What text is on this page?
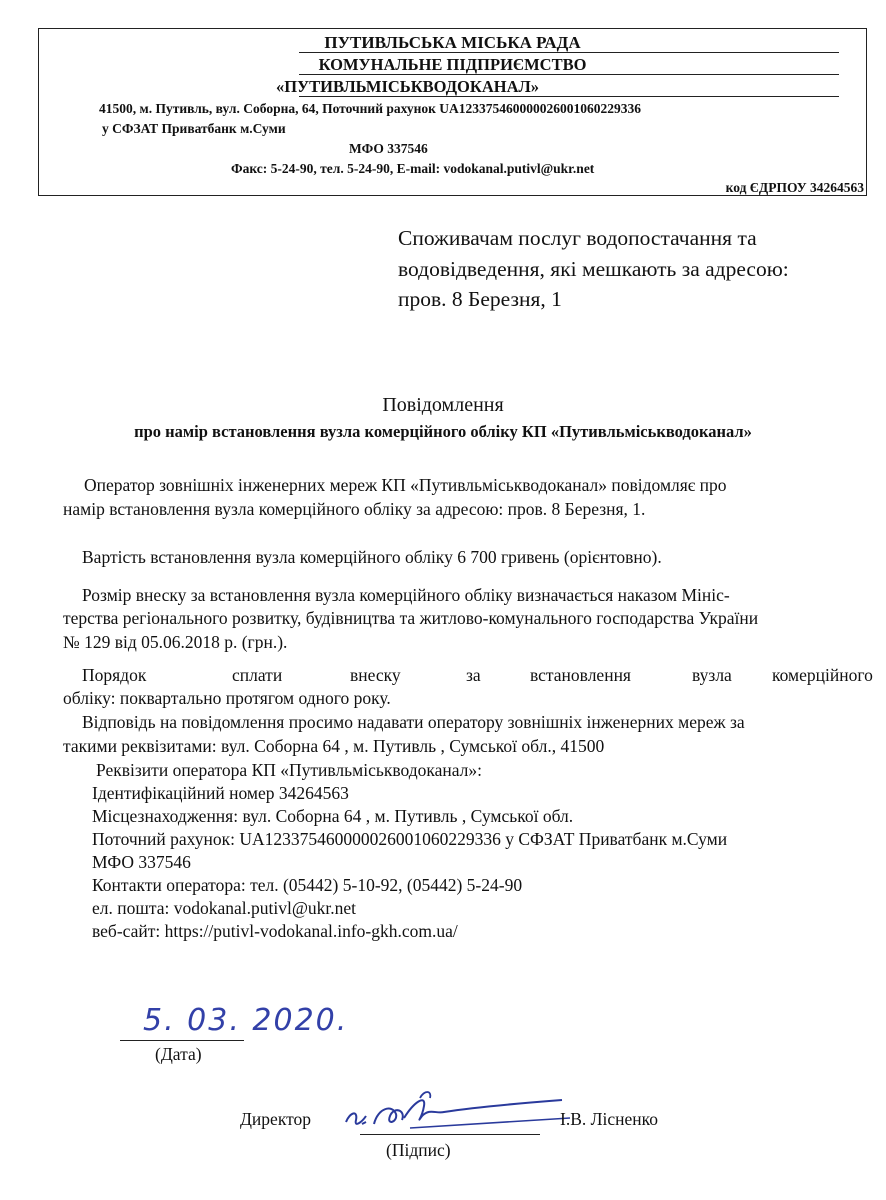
ПУТИВЛЬСЬКА МІСЬКА РАДА
КОМУНАЛЬНЕ ПІДПРИЄМСТВО
«ПУТИВЛЬМІСЬКВОДОКАНАЛ»
41500, м. Путивль, вул. Соборна, 64, Поточний рахунок UA123375460000026001060229336
у СФЗАТ Приватбанк м.Суми
МФО 337546
Факс: 5-24-90, тел. 5-24-90, E-mail: vodokanal.putivl@ukr.net
код ЄДРПОУ 34264563
Споживачам послуг водопостачання та
водовідведення, які мешкають за адресою:
пров. 8 Березня, 1
Повідомлення
про намір встановлення вузла комерційного обліку КП «Путивльміськводоканал»
Оператор зовнішніх інженерних мереж КП «Путивльміськводоканал» повідомляє про
намір встановлення вузла комерційного обліку за адресою: пров. 8 Березня, 1.
Вартість встановлення вузла комерційного обліку 6 700 гривень (орієнтовно).
Розмір внеску за встановлення вузла комерційного обліку визначається наказом Мініс-
терства регіонального розвитку, будівництва та житлово-комунального господарства України
№ 129 від 05.06.2018 р. (грн.).
Порядок	сплати	внеску	за	встановлення	вузла комерційного
обліку: поквартально протягом одного року.
Відповідь на повідомлення просимо надавати оператору зовнішніх інженерних мереж за
такими реквізитами: вул. Соборна 64 , м. Путивль , Сумської обл., 41500
Реквізити оператора КП «Путивльміськводоканал»:
Ідентифікаційний номер 34264563
Місцезнаходження: вул. Соборна 64 , м. Путивль , Сумської обл.
Поточний рахунок: UA123375460000026001060229336 у СФЗАТ Приватбанк м.Суми
МФО 337546
Контакти оператора: тел. (05442) 5-10-92, (05442) 5-24-90
ел. пошта: vodokanal.putivl@ukr.net
веб-сайт: https://putivl-vodokanal.info-gkh.com.ua/
5. 03. 2020.
(Дата)
Директор	І.В. Лісненко
(Підпис)
